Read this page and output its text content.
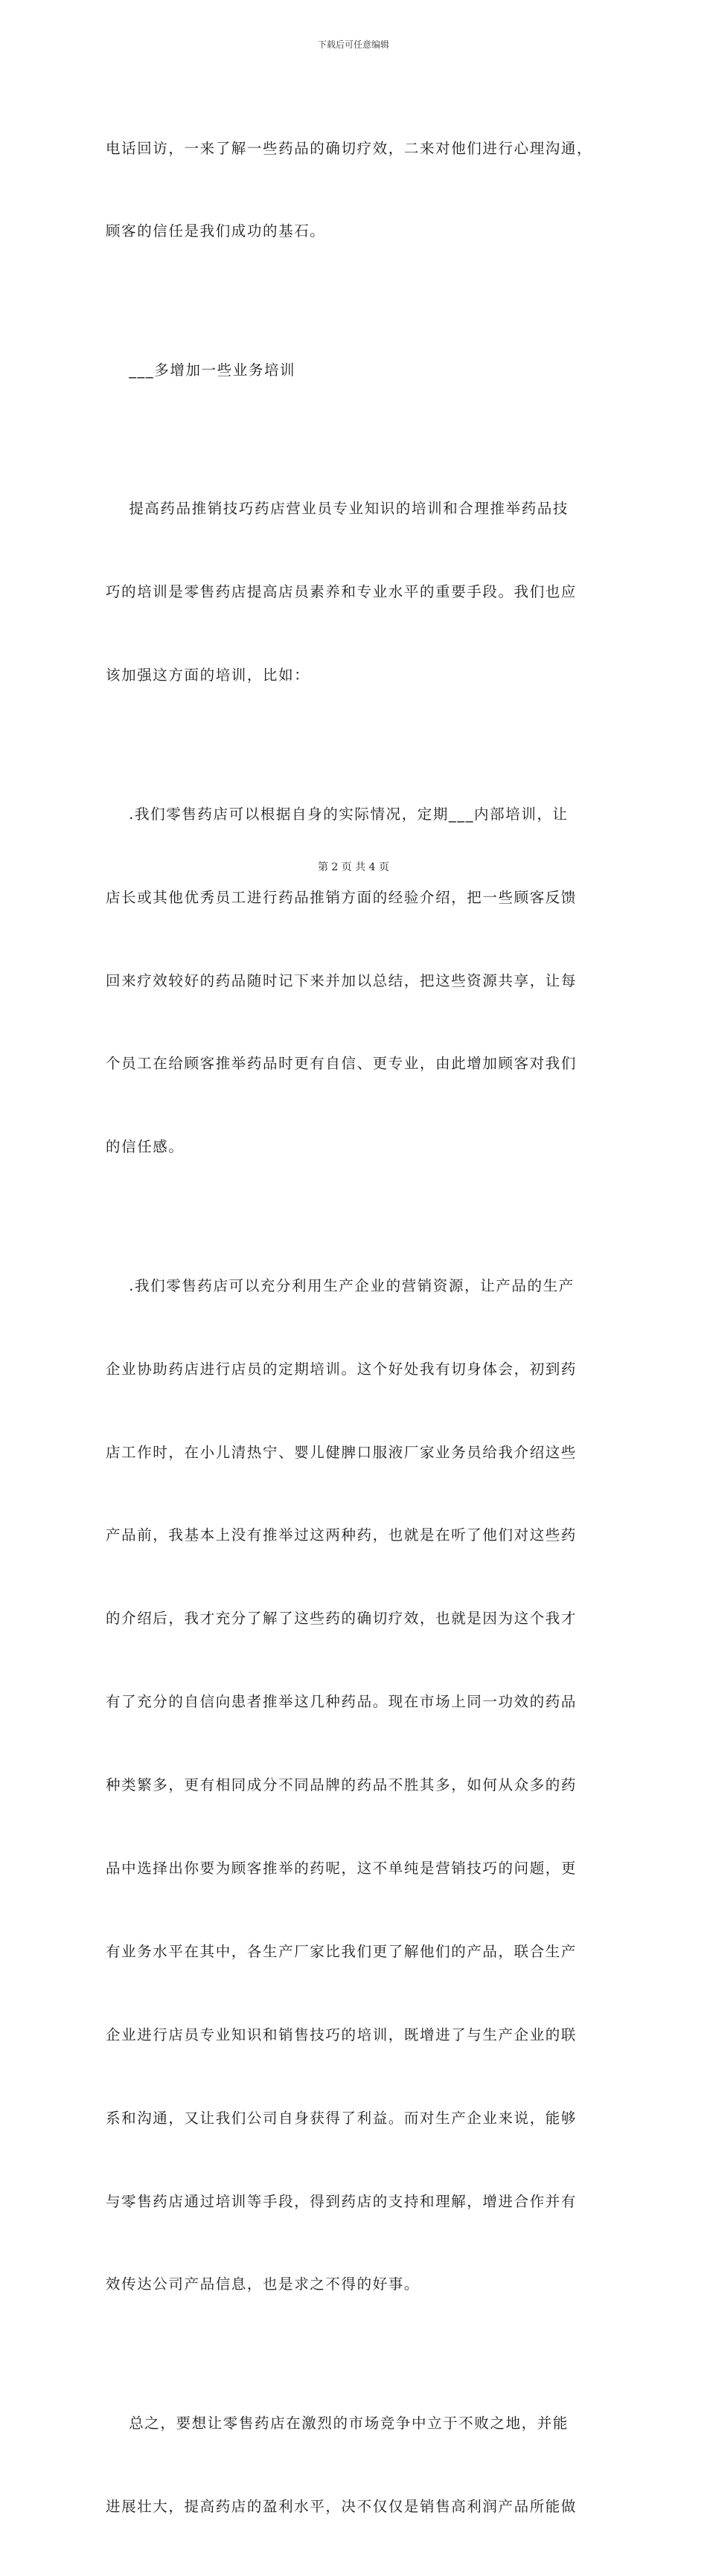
下载后可任意编辑

电话回访，一来了解一些药品的确切疗效，二来对他们进行心理沟通，

顾客的信任是我们成功的基石。

___多增加一些业务培训

提高药品推销技巧药店营业员专业知识的培训和合理推举药品技

巧的培训是零售药店提高店员素养和专业水平的重要手段。我们也应

该加强这方面的培训，比如：

.我们零售药店可以根据自身的实际情况，定期___内部培训，让

店长或其他优秀员工进行药品推销方面的经验介绍，把一些顾客反馈

回来疗效较好的药品随时记下来并加以总结，把这些资源共享，让每

个员工在给顾客推举药品时更有自信、更专业，由此增加顾客对我们

的信任感。

.我们零售药店可以充分利用生产企业的营销资源，让产品的生产

企业协助药店进行店员的定期培训。这个好处我有切身体会，初到药

店工作时，在小儿清热宁、婴儿健脾口服液厂家业务员给我介绍这些

产品前，我基本上没有推举过这两种药，也就是在听了他们对这些药

的介绍后，我才充分了解了这些药的确切疗效，也就是因为这个我才

有了充分的自信向患者推举这几种药品。现在市场上同一功效的药品

种类繁多，更有相同成分不同品牌的药品不胜其多，如何从众多的药

品中选择出你要为顾客推举的药呢，这不单纯是营销技巧的问题，更

有业务水平在其中，各生产厂家比我们更了解他们的产品，联合生产

企业进行店员专业知识和销售技巧的培训，既增进了与生产企业的联

系和沟通，又让我们公司自身获得了利益。而对生产企业来说，能够

与零售药店通过培训等手段，得到药店的支持和理解，增进合作并有

效传达公司产品信息，也是求之不得的好事。

总之，要想让零售药店在激烈的市场竞争中立于不败之地，并能

进展壮大，提高药店的盈利水平，决不仅仅是销售高利润产品所能做

第 2 页 共 4 页
